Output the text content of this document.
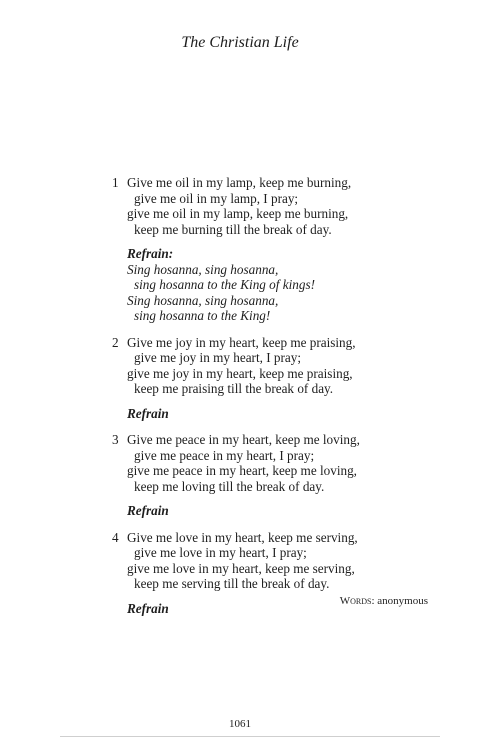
The Christian Life
1 Give me oil in my lamp, keep me burning,
give me oil in my lamp, I pray;
give me oil in my lamp, keep me burning,
keep me burning till the break of day.
Refrain:
Sing hosanna, sing hosanna,
sing hosanna to the King of kings!
Sing hosanna, sing hosanna,
sing hosanna to the King!
2 Give me joy in my heart, keep me praising,
give me joy in my heart, I pray;
give me joy in my heart, keep me praising,
keep me praising till the break of day.
Refrain
3 Give me peace in my heart, keep me loving,
give me peace in my heart, I pray;
give me peace in my heart, keep me loving,
keep me loving till the break of day.
Refrain
4 Give me love in my heart, keep me serving,
give me love in my heart, I pray;
give me love in my heart, keep me serving,
keep me serving till the break of day.
Refrain	Words: anonymous
1061
